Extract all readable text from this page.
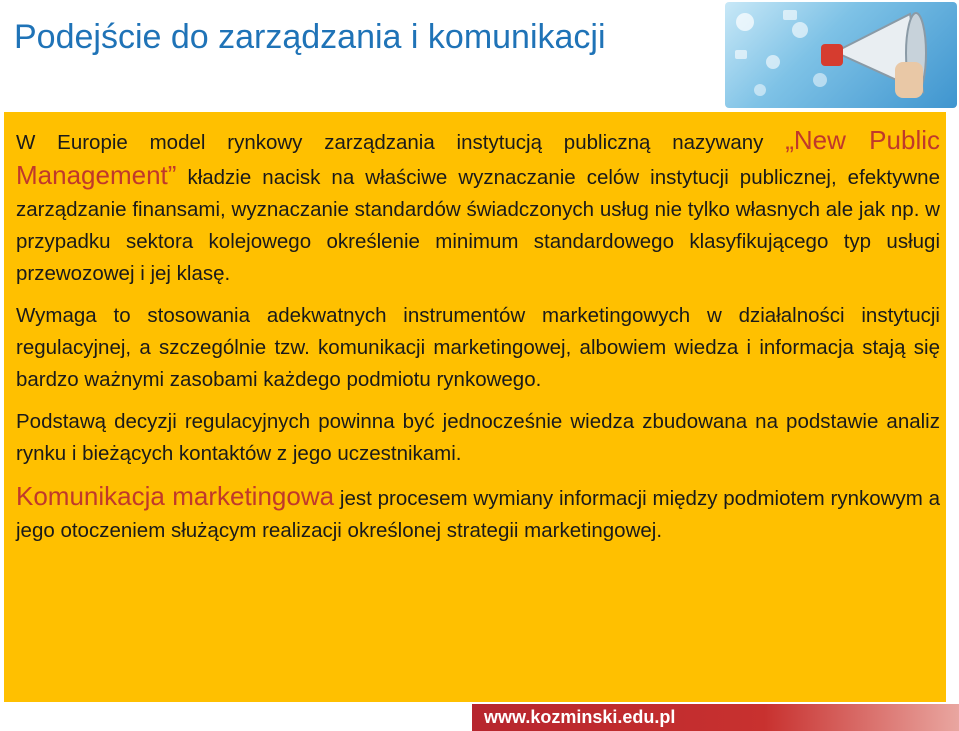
Podejście do zarządzania i komunikacji

W Europie model rynkowy zarządzania instytucją publiczną nazywany „New Public Management” kładzie nacisk na właściwe wyznaczanie celów instytucji publicznej, efektywne zarządzanie finansami, wyznaczanie standardów świadczonych usług nie tylko własnych ale jak np. w przypadku sektora kolejowego określenie minimum standardowego klasyfikującego typ usługi przewozowej i jej klasę.

Wymaga to stosowania adekwatnych instrumentów marketingowych w działalności instytucji regulacyjnej, a szczególnie tzw. komunikacji marketingowej, albowiem wiedza i informacja stają się bardzo ważnymi zasobami każdego podmiotu rynkowego.

Podstawą decyzji regulacyjnych powinna być jednocześnie wiedza zbudowana na podstawie analiz rynku i bieżących kontaktów z jego uczestnikami.

Komunikacja marketingowa jest procesem wymiany informacji między podmiotem rynkowym a jego otoczeniem służącym realizacji określonej strategii marketingowej.

www.kozminski.edu.pl
